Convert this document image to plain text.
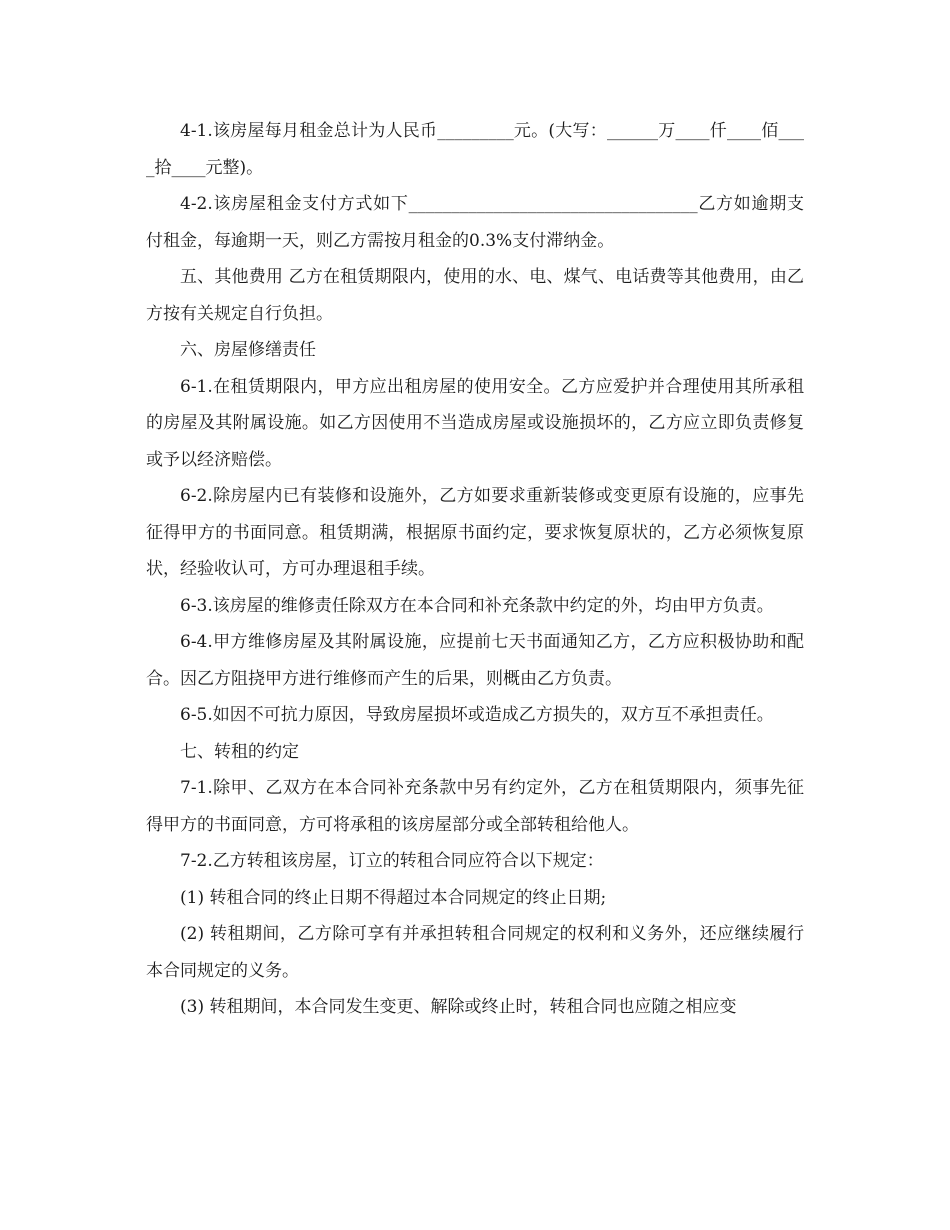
4-1.该房屋每月租金总计为人民币_________元。(大写：______万____仟____佰____拾____元整)。

4-2.该房屋租金支付方式如下__________________________________乙方如逾期支付租金，每逾期一天，则乙方需按月租金的0.3%支付滞纳金。

五、其他费用 乙方在租赁期限内，使用的水、电、煤气、电话费等其他费用，由乙方按有关规定自行负担。

六、房屋修缮责任

6-1.在租赁期限内，甲方应出租房屋的使用安全。乙方应爱护并合理使用其所承租的房屋及其附属设施。如乙方因使用不当造成房屋或设施损坏的，乙方应立即负责修复或予以经济赔偿。

6-2.除房屋内已有装修和设施外，乙方如要求重新装修或变更原有设施的，应事先征得甲方的书面同意。租赁期满，根据原书面约定，要求恢复原状的，乙方必须恢复原状，经验收认可，方可办理退租手续。

6-3.该房屋的维修责任除双方在本合同和补充条款中约定的外，均由甲方负责。

6-4.甲方维修房屋及其附属设施，应提前七天书面通知乙方，乙方应积极协助和配合。因乙方阻挠甲方进行维修而产生的后果，则概由乙方负责。

6-5.如因不可抗力原因，导致房屋损坏或造成乙方损失的，双方互不承担责任。

七、转租的约定

7-1.除甲、乙双方在本合同补充条款中另有约定外，乙方在租赁期限内，须事先征得甲方的书面同意，方可将承租的该房屋部分或全部转租给他人。

7-2.乙方转租该房屋，订立的转租合同应符合以下规定：

(1) 转租合同的终止日期不得超过本合同规定的终止日期;

(2) 转租期间，乙方除可享有并承担转租合同规定的权利和义务外，还应继续履行本合同规定的义务。

(3) 转租期间，本合同发生变更、解除或终止时，转租合同也应随之相应变
